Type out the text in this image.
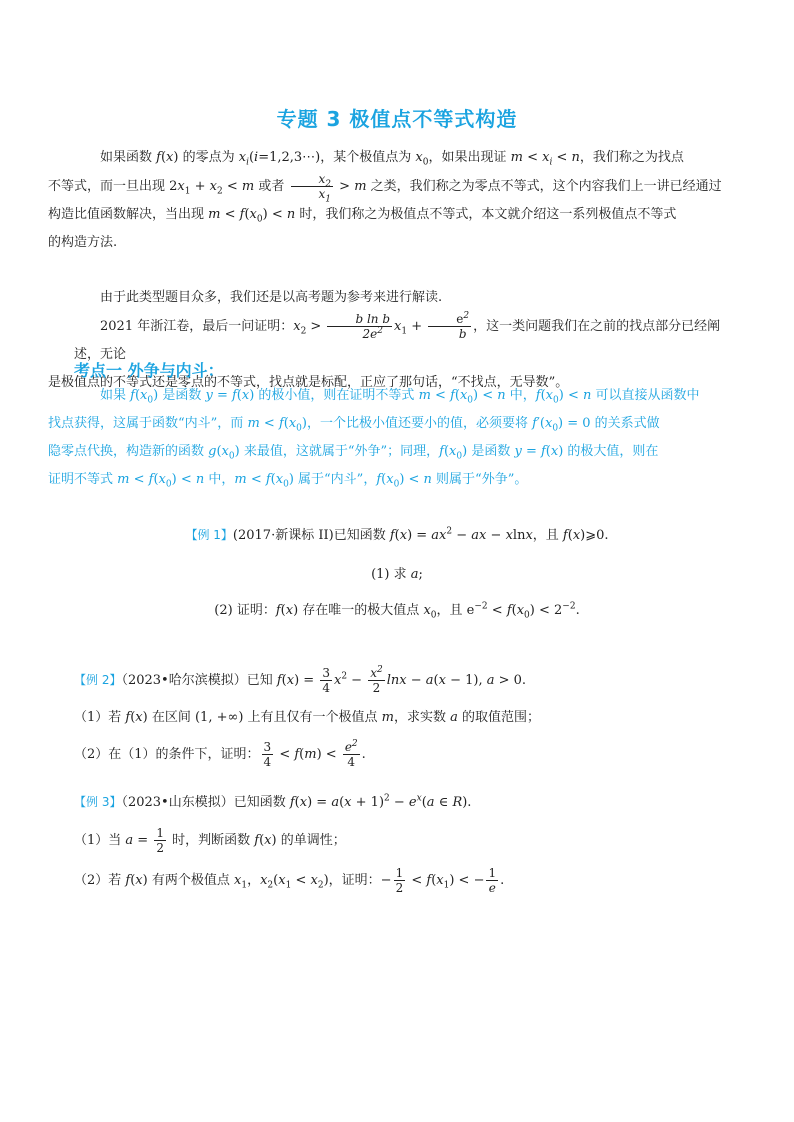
专题 3 极值点不等式构造
如果函数 f(x) 的零点为 $x_i(i=1,2,3\cdots)$，某个极值点为 $x_0$，如果出现证 $m < x_i < n$，我们称之为找点
不等式，而一旦出现 $2x_1 + x_2 < m$ 或者 $\frac{x_2}{x_1} > m$ 之类，我们称之为零点不等式，这个内容我们上一讲已经通过
构造比值函数解决，当出现 $m < f(x_0) < n$ 时，我们称之为极值点不等式，本文就介绍这一系列极值点不等式
的构造方法.
由于此类型题目众多，我们还是以高考题为参考来进行解读.
2021 年浙江卷，最后一问证明：$x_2 > \frac{\text{b ln b}}{2e^2} x_1 + \frac{e^2}{b}$ ，这一类问题我们在之前的找点部分已经阐述，无论
是极值点的不等式还是零点的不等式，找点就是标配，正应了那句话，“不找点，无导数”。
考点一 外争与内斗：
如果 $f(x_0)$ 是函数 y = f(x) 的极小值，则在证明不等式 $m < f(x_0) < n$ 中，$f(x_0) < n$ 可以直接从函数中
找点获得，这属于函数“内斗”，而 $m < f(x_0)$，一个比极小值还要小的值，必须要将 $f'(x_0) = 0$ 的关系式做
隐零点代换，构造新的函数 $g(x_0)$ 来最值，这就属于“外争”；同理，$f(x_0)$ 是函数 y = f(x) 的极大值，则在
证明不等式 $m < f(x_0) < n$ 中，$m < f(x_0)$ 属于“内斗”，$f(x_0) < n$ 则属于“外争”。
【例 1】(2017·新课标 II)已知函数 $f(x) = ax^2$ − ax − xlnx，且 f(x)⩾0.
(1) 求 a;
(2) 证明：f(x) 存在唯一的极大值点 $x_0$，且 $e^{-2} < f(x_0) < 2^{-2}$.
【例 2】（2023•哈尔滨模拟）已知 $f(x) = \frac{3}{4} x^2 - \frac{x^2}{2}$ lnx − a(x − 1), a > 0.
（1）若 f(x) 在区间 (1, +∞) 上有且仅有一个极值点 m，求实数 a 的取值范围；
（2）在（1）的条件下，证明： $\frac{3}{4} < f(m) < \frac{e^2}{4}$ .
【例 3】（2023•山东模拟）已知函数 $f(x) = a(x + 1)^2 - e^x(a$ ∈ R).
（1）当 $a = \frac{1}{2}$ 时，判断函数 f(x) 的单调性；
（2）若 f(x) 有两个极值点 $x_1$，$x_2(x_1 < x_2)$，证明：− $\frac{1}{2} < f(x_1)$ < − $\frac{1}{e}$ .
